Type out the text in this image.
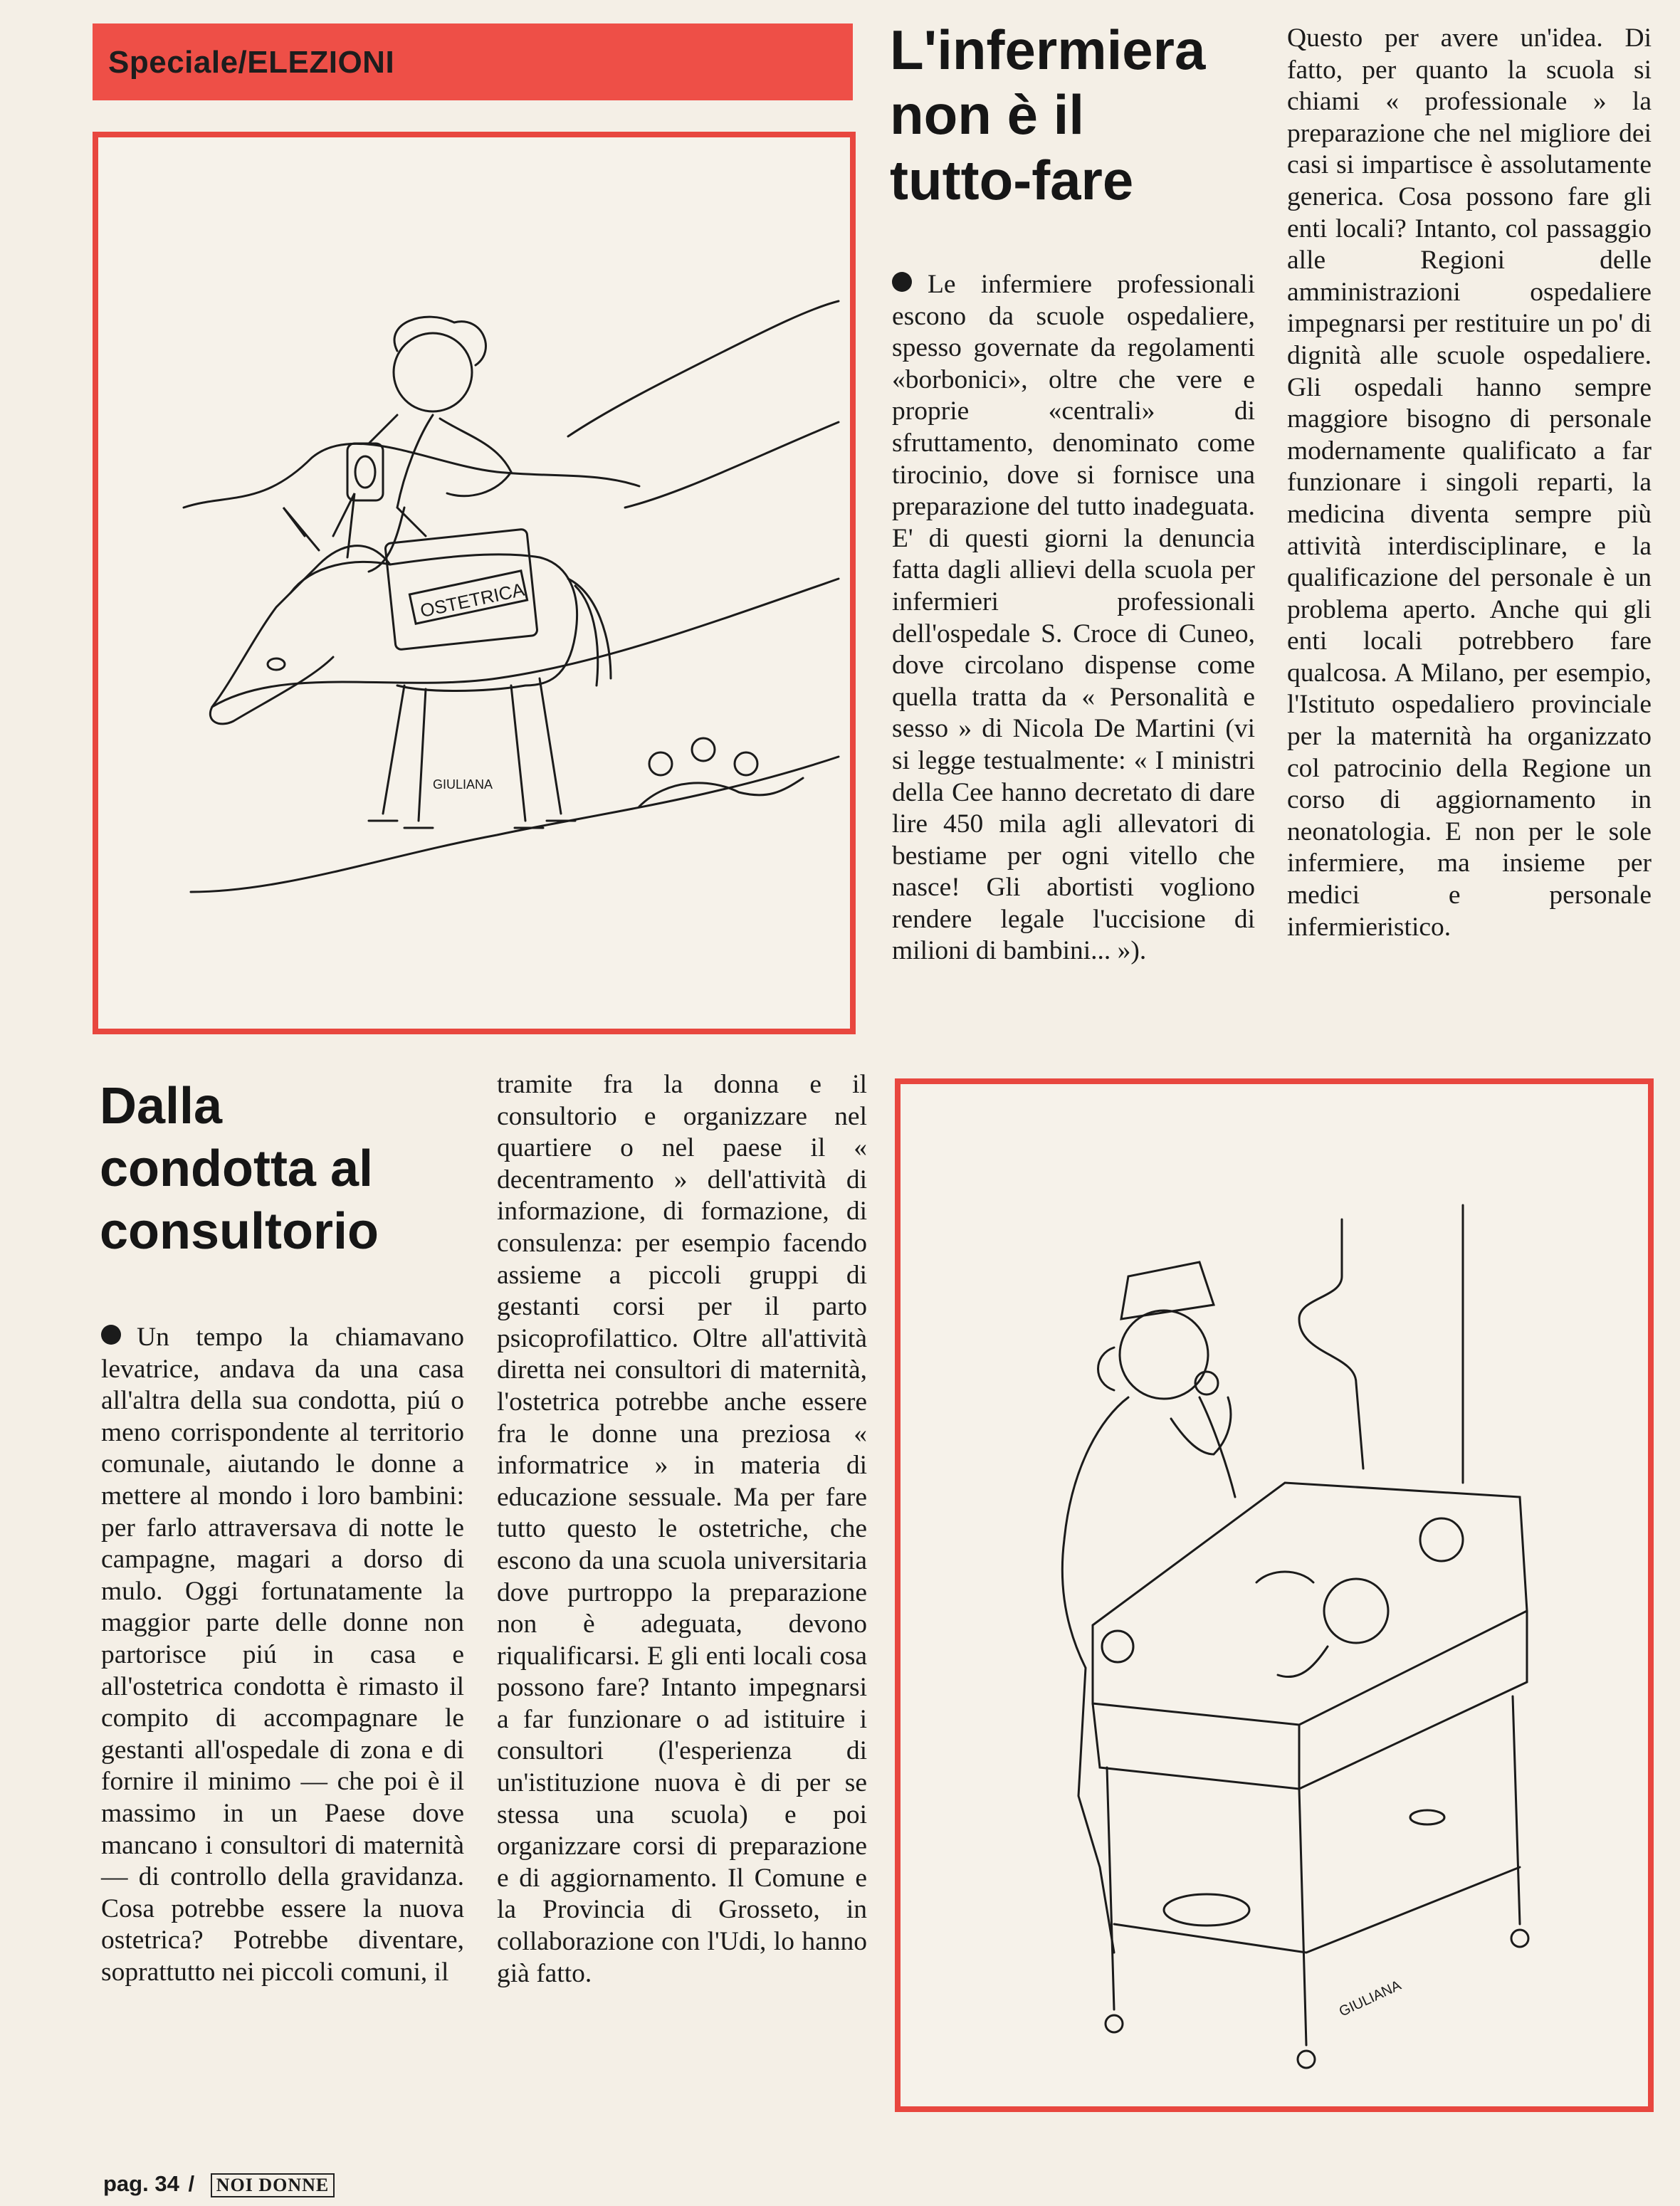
Speciale/ELEZIONI
OSTETRICA
GIULIANA
L'infermiera
non è il
tutto-fare

Le infermiere professionali escono da scuole ospedaliere, spesso governate da regolamenti «borbonici», oltre che vere e proprie «centrali» di sfruttamento, denominato come tirocinio, dove si fornisce una preparazione del tutto inadeguata. E' di questi giorni la denuncia fatta dagli allievi della scuola per infermieri professionali dell'ospedale S. Croce di Cuneo, dove circolano dispense come quella tratta da « Personalità e sesso » di Nicola De Martini (vi si legge testualmente: « I ministri della Cee hanno decretato di dare lire 450 mila agli allevatori di bestiame per ogni vitello che nasce! Gli abortisti vogliono rendere legale l'uccisione di milioni di bambini... »).

Questo per avere un'idea. Di fatto, per quanto la scuola si chiami « professionale » la preparazione che nel migliore dei casi si impartisce è assolutamente generica. Cosa possono fare gli enti locali? Intanto, col passaggio alle Regioni delle amministrazioni ospedaliere impegnarsi per restituire un po' di dignità alle scuole ospedaliere. Gli ospedali hanno sempre maggiore bisogno di personale modernamente qualificato a far funzionare i singoli reparti, la medicina diventa sempre più attività interdisciplinare, e la qualificazione del personale è un problema aperto. Anche qui gli enti locali potrebbero fare qualcosa. A Milano, per esempio, l'Istituto ospedaliero provinciale per la maternità ha organizzato col patrocinio della Regione un corso di aggiornamento in neonatologia. E non per le sole infermiere, ma insieme per medici e personale infermieristico.

Dalla
condotta al
consultorio

Un tempo la chiamavano levatrice, andava da una casa all'altra della sua condotta, piú o meno corrispondente al territorio comunale, aiutando le donne a mettere al mondo i loro bambini: per farlo attraversava di notte le campagne, magari a dorso di mulo. Oggi fortunatamente la maggior parte delle donne non partorisce piú in casa e all'ostetrica condotta è rimasto il compito di accompagnare le gestanti all'ospedale di zona e di fornire il minimo — che poi è il massimo in un Paese dove mancano i consultori di maternità — di controllo della gravidanza. Cosa potrebbe essere la nuova ostetrica? Potrebbe diventare, soprattutto nei piccoli comuni, il

tramite fra la donna e il consultorio e organizzare nel quartiere o nel paese il « decentramento » dell'attività di informazione, di formazione, di consulenza: per esempio facendo assieme a piccoli gruppi di gestanti corsi per il parto psicoprofilattico. Oltre all'attività diretta nei consultori di maternità, l'ostetrica potrebbe anche essere fra le donne una preziosa « informatrice » in materia di educazione sessuale. Ma per fare tutto questo le ostetriche, che escono da una scuola universitaria dove purtroppo la preparazione non è adeguata, devono riqualificarsi. E gli enti locali cosa possono fare? Intanto impegnarsi a far funzionare o ad istituire i consultori (l'esperienza di un'istituzione nuova è di per se stessa una scuola) e poi organizzare corsi di preparazione e di aggiornamento. Il Comune e la Provincia di Grosseto, in collaborazione con l'Udi, lo hanno già fatto.

GIULIANA
pag. 34 / NOI DONNE
